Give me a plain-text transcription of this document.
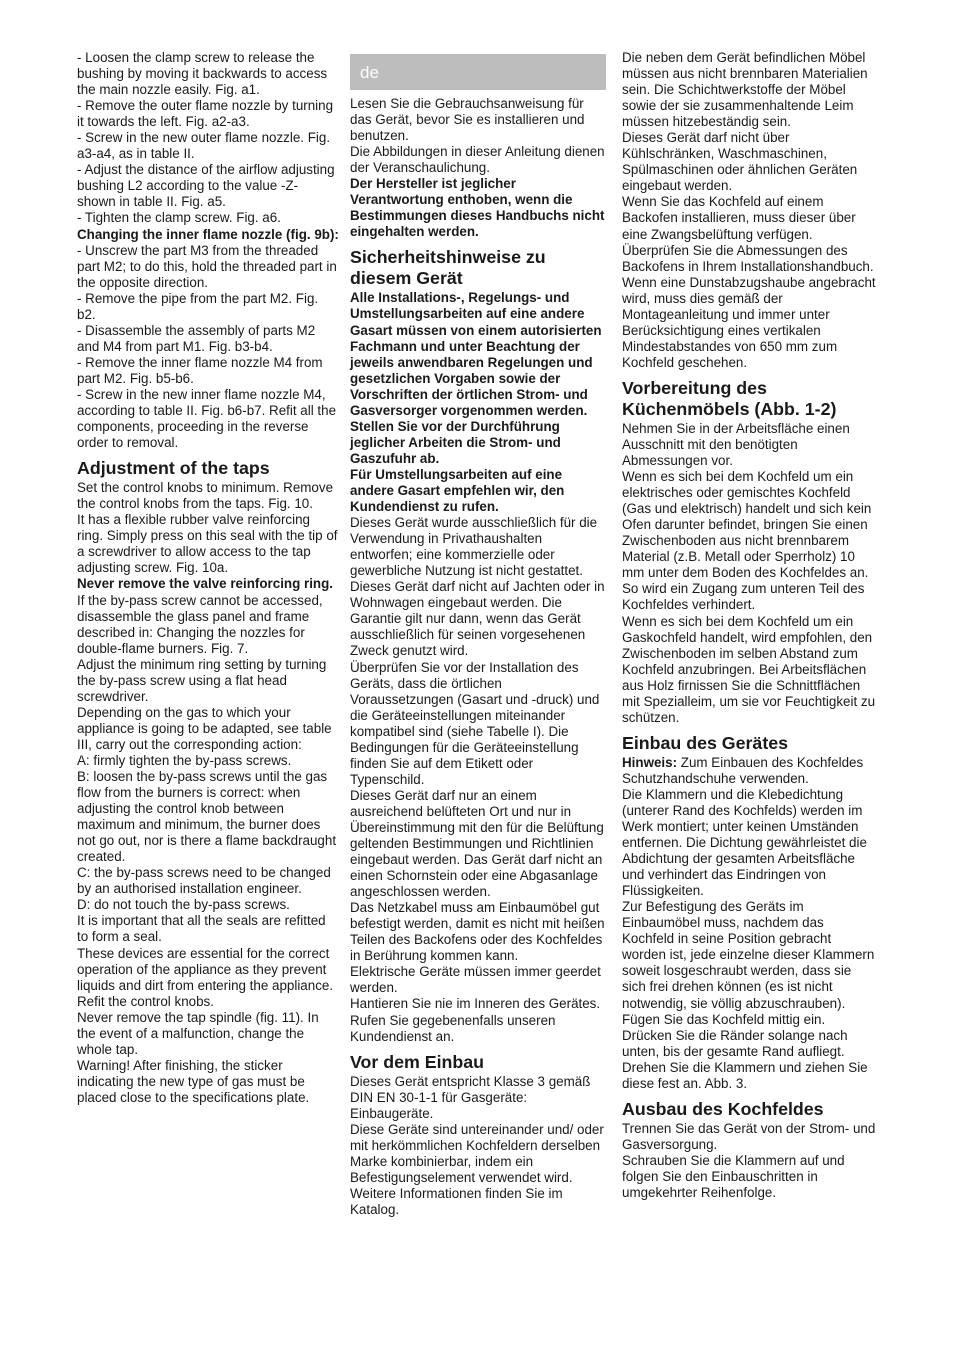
- Loosen the clamp screw to release the bushing by moving it backwards to access the main nozzle easily. Fig. a1.

- Remove the outer flame nozzle by turning it towards the left. Fig. a2-a3.

- Screw in the new outer flame nozzle. Fig. a3-a4, as in table II.

- Adjust the distance of the airflow adjusting bushing L2 according to the value -Z- shown in table II. Fig. a5.

- Tighten the clamp screw. Fig. a6.

Changing the inner flame nozzle (fig. 9b):

- Unscrew the part M3 from the threaded part M2; to do this, hold the threaded part in the opposite direction.

- Remove the pipe from the part M2. Fig. b2.

- Disassemble the assembly of parts M2 and M4 from part M1. Fig. b3-b4.

- Remove the inner flame nozzle M4 from part M2. Fig. b5-b6.

- Screw in the new inner flame nozzle M4, according to table II. Fig. b6-b7. Refit all the components, proceeding in the reverse order to removal.

Adjustment of the taps

Set the control knobs to minimum. Remove the control knobs from the taps. Fig. 10.

It has a flexible rubber valve reinforcing ring. Simply press on this seal with the tip of a screwdriver to allow access to the tap adjusting screw. Fig. 10a.

Never remove the valve reinforcing ring.

If the by-pass screw cannot be accessed, disassemble the glass panel and frame described in: Changing the nozzles for double-flame burners. Fig. 7.

Adjust the minimum ring setting by turning the by-pass screw using a flat head screwdriver.

Depending on the gas to which your appliance is going to be adapted, see table III, carry out the corresponding action:

A: firmly tighten the by-pass screws.

B: loosen the by-pass screws until the gas flow from the burners is correct: when adjusting the control knob between maximum and minimum, the burner does not go out, nor is there a flame backdraught created.

C: the by-pass screws need to be changed by an authorised installation engineer.

D: do not touch the by-pass screws.

It is important that all the seals are refitted to form a seal.

These devices are essential for the correct operation of the appliance as they prevent liquids and dirt from entering the appliance.

Refit the control knobs.

Never remove the tap spindle (fig. 11). In the event of a malfunction, change the whole tap.

Warning! After finishing, the sticker indicating the new type of gas must be placed close to the specifications plate.

de

Lesen Sie die Gebrauchsanweisung für das Gerät, bevor Sie es installieren und benutzen.

Die Abbildungen in dieser Anleitung dienen der Veranschaulichung.

Der Hersteller ist jeglicher Verantwortung enthoben, wenn die Bestimmungen dieses Handbuchs nicht eingehalten werden.

Sicherheitshinweise zu diesem Gerät

Alle Installations-, Regelungs- und Umstellungsarbeiten auf eine andere Gasart müssen von einem autorisierten Fachmann und unter Beachtung der jeweils anwendbaren Regelungen und gesetzlichen Vorgaben sowie der Vorschriften der örtlichen Strom- und Gasversorger vorgenommen werden.

Stellen Sie vor der Durchführung jeglicher Arbeiten die Strom- und Gaszufuhr ab.

Für Umstellungsarbeiten auf eine andere Gasart empfehlen wir, den Kundendienst zu rufen.

Dieses Gerät wurde ausschließlich für die Verwendung in Privathaushalten entworfen; eine kommerzielle oder gewerbliche Nutzung ist nicht gestattet.

Dieses Gerät darf nicht auf Jachten oder in Wohnwagen eingebaut werden. Die Garantie gilt nur dann, wenn das Gerät ausschließlich für seinen vorgesehenen Zweck genutzt wird.

Überprüfen Sie vor der Installation des Geräts, dass die örtlichen Voraussetzungen (Gasart und -druck) und die Geräteeinstellungen miteinander kompatibel sind (siehe Tabelle I). Die Bedingungen für die Geräteeinstellung finden Sie auf dem Etikett oder Typenschild.

Dieses Gerät darf nur an einem ausreichend belüfteten Ort und nur in Übereinstimmung mit den für die Belüftung geltenden Bestimmungen und Richtlinien eingebaut werden. Das Gerät darf nicht an einen Schornstein oder eine Abgasanlage angeschlossen werden.

Das Netzkabel muss am Einbaumöbel gut befestigt werden, damit es nicht mit heißen Teilen des Backofens oder des Kochfeldes in Berührung kommen kann.

Elektrische Geräte müssen immer geerdet werden.

Hantieren Sie nie im Inneren des Gerätes. Rufen Sie gegebenenfalls unseren Kundendienst an.

Vor dem Einbau

Dieses Gerät entspricht Klasse 3 gemäß DIN EN 30-1-1 für Gasgeräte: Einbaugeräte.

Diese Geräte sind untereinander und/ oder mit herkömmlichen Kochfeldern derselben Marke kombinierbar, indem ein Befestigungselement verwendet wird.

Weitere Informationen finden Sie im Katalog.

Die neben dem Gerät befindlichen Möbel müssen aus nicht brennbaren Materialien sein. Die Schichtwerkstoffe der Möbel sowie der sie zusammenhaltende Leim müssen hitzebeständig sein.

Dieses Gerät darf nicht über Kühlschränken, Waschmaschinen, Spülmaschinen oder ähnlichen Geräten eingebaut werden.

Wenn Sie das Kochfeld auf einem Backofen installieren, muss dieser über eine Zwangsbelüftung verfügen. Überprüfen Sie die Abmessungen des Backofens in Ihrem Installationshandbuch.

Wenn eine Dunstabzugshaube angebracht wird, muss dies gemäß der Montageanleitung und immer unter Berücksichtigung eines vertikalen Mindestabstandes von 650 mm zum Kochfeld geschehen.

Vorbereitung des Küchenmöbels (Abb. 1-2)

Nehmen Sie in der Arbeitsfläche einen Ausschnitt mit den benötigten Abmessungen vor.

Wenn es sich bei dem Kochfeld um ein elektrisches oder gemischtes Kochfeld (Gas und elektrisch) handelt und sich kein Ofen darunter befindet, bringen Sie einen Zwischenboden aus nicht brennbarem Material (z.B. Metall oder Sperrholz) 10 mm unter dem Boden des Kochfeldes an. So wird ein Zugang zum unteren Teil des Kochfeldes verhindert.

Wenn es sich bei dem Kochfeld um ein Gaskochfeld handelt, wird empfohlen, den Zwischenboden im selben Abstand zum Kochfeld anzubringen. Bei Arbeitsflächen aus Holz firnissen Sie die Schnittflächen mit Spezialleim, um sie vor Feuchtigkeit zu schützen.

Einbau des Gerätes

Hinweis: Zum Einbauen des Kochfeldes Schutzhandschuhe verwenden.

Die Klammern und die Klebedichtung (unterer Rand des Kochfelds) werden im Werk montiert; unter keinen Umständen entfernen. Die Dichtung gewährleistet die Abdichtung der gesamten Arbeitsfläche und verhindert das Eindringen von Flüssigkeiten.

Zur Befestigung des Geräts im Einbaumöbel muss, nachdem das Kochfeld in seine Position gebracht worden ist, jede einzelne dieser Klammern soweit losgeschraubt werden, dass sie sich frei drehen können (es ist nicht notwendig, sie völlig abzuschrauben).

Fügen Sie das Kochfeld mittig ein. Drücken Sie die Ränder solange nach unten, bis der gesamte Rand aufliegt. Drehen Sie die Klammern und ziehen Sie diese fest an. Abb. 3.

Ausbau des Kochfeldes

Trennen Sie das Gerät von der Strom- und Gasversorgung.

Schrauben Sie die Klammern auf und folgen Sie den Einbauschritten in umgekehrter Reihenfolge.
